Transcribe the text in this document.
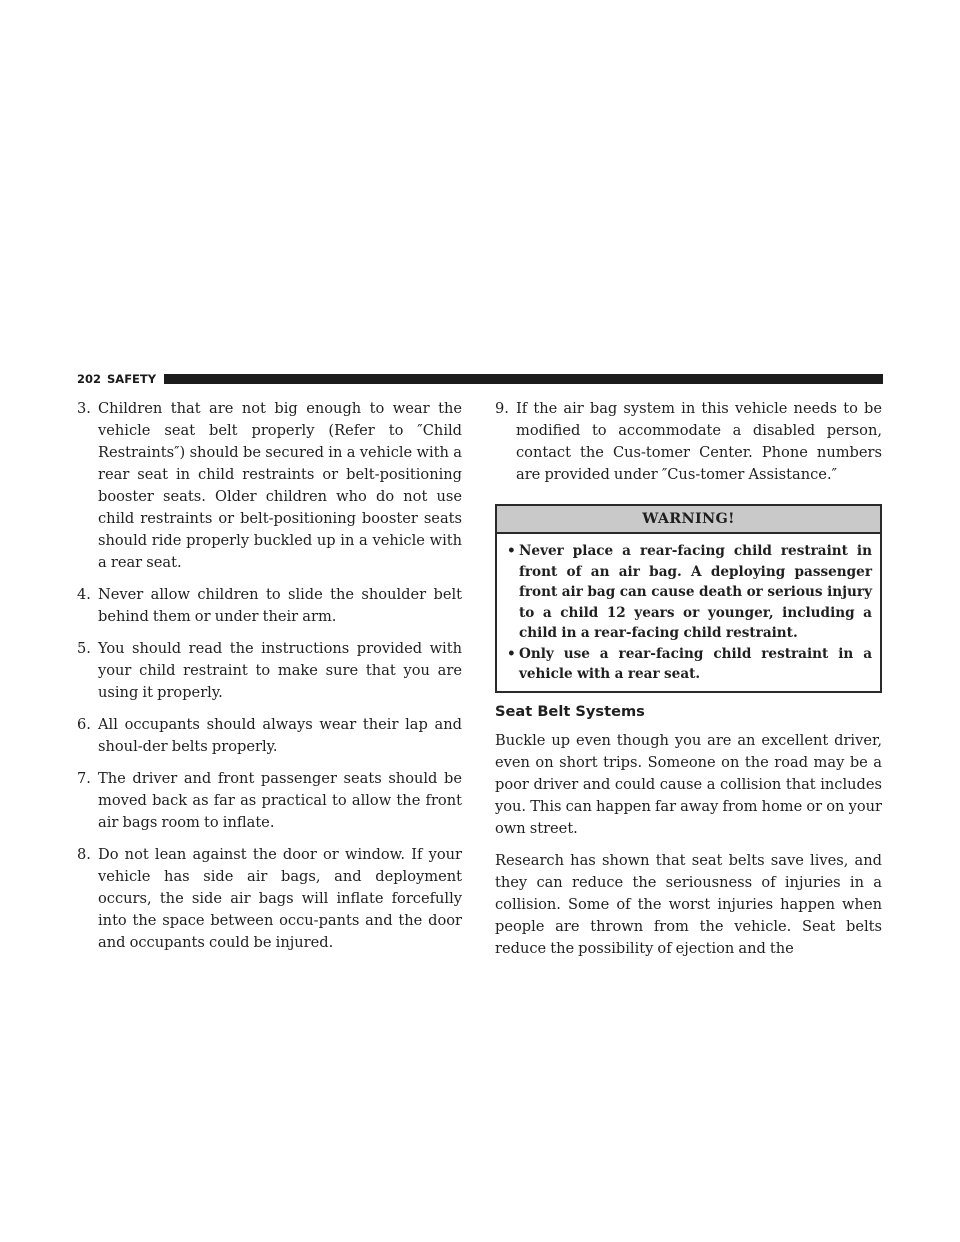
202 SAFETY
3. Children that are not big enough to wear the vehicle seat belt properly (Refer to ″Child Restraints″) should be secured in a vehicle with a rear seat in child restraints or belt-positioning booster seats. Older children who do not use child restraints or belt-positioning booster seats should ride properly buckled up in a vehicle with a rear seat.
4. Never allow children to slide the shoulder belt behind them or under their arm.
5. You should read the instructions provided with your child restraint to make sure that you are using it properly.
6. All occupants should always wear their lap and shoul-der belts properly.
7. The driver and front passenger seats should be moved back as far as practical to allow the front air bags room to inflate.
8. Do not lean against the door or window. If your vehicle has side air bags, and deployment occurs, the side air bags will inflate forcefully into the space between occu-pants and the door and occupants could be injured.
9. If the air bag system in this vehicle needs to be modified to accommodate a disabled person, contact the Cus-tomer Center. Phone numbers are provided under ″Cus-tomer Assistance.″
WARNING!
• Never place a rear-facing child restraint in front of an air bag. A deploying passenger front air bag can cause death or serious injury to a child 12 years or younger, including a child in a rear-facing child restraint.
• Only use a rear-facing child restraint in a vehicle with a rear seat.
Seat Belt Systems

Buckle up even though you are an excellent driver, even on short trips. Someone on the road may be a poor driver and could cause a collision that includes you. This can happen far away from home or on your own street.

Research has shown that seat belts save lives, and they can reduce the seriousness of injuries in a collision. Some of the worst injuries happen when people are thrown from the vehicle. Seat belts reduce the possibility of ejection and the
